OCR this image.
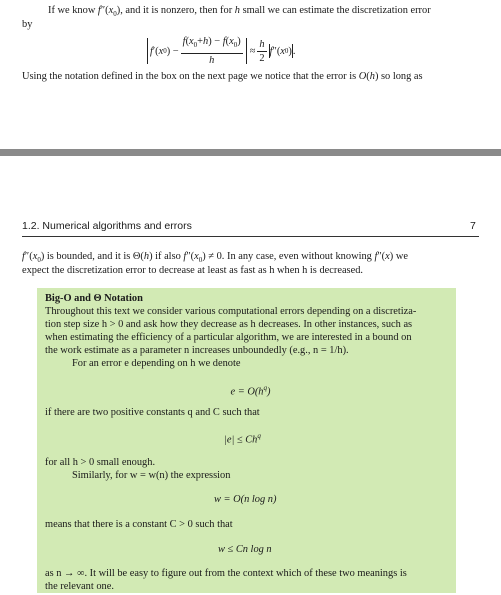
If we know $f''(x_0)$, and it is nonzero, then for h small we can estimate the discretization error
by
f ′( x 0 ) − $\frac{f(x_0+h) - f(x_0)}{h} \approx \frac{h}{2}$ f ″( x 0 ) .
Using the notation defined in the box on the next page we notice that the error is O(h) so long as
1.2. Numerical algorithms and errors	7
$f''(x_0)$ is bounded, and it is Θ(h) if also $f''(x_0) \ne 0$. In any case, even without knowing f″(x) we
expect the discretization error to decrease at least as fast as h when h is decreased.
Big-O and Θ Notation
Throughout this text we consider various computational errors depending on a discretiza-
tion step size h > 0 and ask how they decrease as h decreases. In other instances, such as
when estimating the efficiency of a particular algorithm, we are interested in a bound on
the work estimate as a parameter n increases unboundedly (e.g., n = 1/h).
For an error e depending on h we denote
$e = O(h^q)$
if there are two positive constants q and C such that
$|e| \le Ch^q$
for all h > 0 small enough.
Similarly, for w = w(n) the expression
w = O(n log n)
means that there is a constant C > 0 such that
w ≤ Cn log n
as n → ∞. It will be easy to figure out from the context which of these two meanings is
the relevant one.
